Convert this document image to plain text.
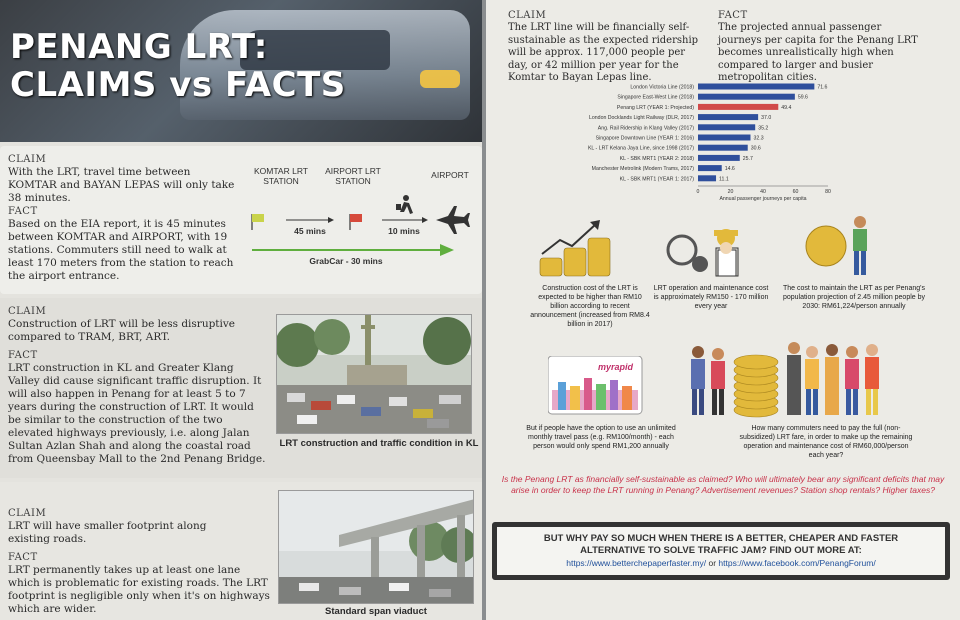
PENANG LRT:
CLAIMS vs FACTS
CLAIM
With the LRT, travel time between KOMTAR and BAYAN LEPAS will only take 38 minutes.
FACT
Based on the EIA report, it is 45 minutes between KOMTAR and AIRPORT, with 19 stations. Commuters still need to walk at least 170 meters from the station to reach the airport entrance.
KOMTAR LRT
STATION
AIRPORT LRT
STATION
AIRPORT
45 mins	10 mins
GrabCar - 30 mins
CLAIM
Construction of LRT will be less disruptive compared to TRAM, BRT, ART.
FACT
LRT construction in KL and Greater Klang Valley did cause significant traffic disruption. It will also happen in Penang for at least 5 to 7 years during the construction of LRT. It would be similar to the construction of the two elevated highways previously, i.e. along Jalan Sultan Azlan Shah and along the coastal road from Queensbay Mall to the 2nd Penang Bridge.
LRT construction and traffic condition in KL
CLAIM
LRT will have smaller footprint along existing roads.
FACT
LRT permanently takes up at least one lane which is problematic for existing roads. The LRT footprint is negligible only when it's on highways which are wider.	Standard span viaduct
CLAIM
The LRT line will be financially self-sustainable as the expected ridership will be approx. 117,000 people per day, or 42 million per year for the Komtar to Bayan Lepas line.
FACT
The projected annual passenger journeys per capita for the Penang LRT becomes unrealistically high when compared to larger and busier metropolitan cities.
London Victoria Line (2018)
Singapore East-West Line (2018)
Penang LRT (YEAR 1: Projected)
London Docklands Light Railway (DLR, 2017)
Ang. Rail Ridership in Klang Valley (2017)
Singapore Downtown Line (YEAR 1: 2016)
KL - LRT Kelana Jaya Line, since 1998 (2017)
KL - SBK MRT1 (YEAR 2: 2018)
Manchester Metrolink (Modern Trams, 2017)
KL - SBK MRT1 (YEAR 1: 2017)
71.6
59.6
49.4
37.0
35.2
32.3
30.6
25.7
14.6
11.1
0	20	40	60	80
Annual passenger journeys per capita
Construction cost of the LRT is expected to be higher than RM10 billion according to recent announcement (increased from RM8.4 billion in 2017)
LRT operation and maintenance cost is approximately RM150 - 170 million every year
The cost to maintain the LRT as per Penang's population projection of 2.45 million people by 2030: RM61,224/person annually
myrapid
But if people have the option to use an unlimited monthly travel pass (e.g. RM100/month) - each person would only spend RM1,200 annually
How many commuters need to pay the full (non-subsidized) LRT fare, in order to make up the remaining operation and maintenance cost of RM60,000/person each year?
Is the Penang LRT as financially self-sustainable as claimed? Who will ultimately bear any significant deficits that may arise in order to keep the LRT running in Penang? Advertisement revenues? Station shop rentals? Higher taxes?
BUT WHY PAY SO MUCH WHEN THERE IS A BETTER, CHEAPER AND FASTER
ALTERNATIVE TO SOLVE TRAFFIC JAM? FIND OUT MORE AT:
https://www.betterchepaperfaster.my/ or https://www.facebook.com/PenangForum/
